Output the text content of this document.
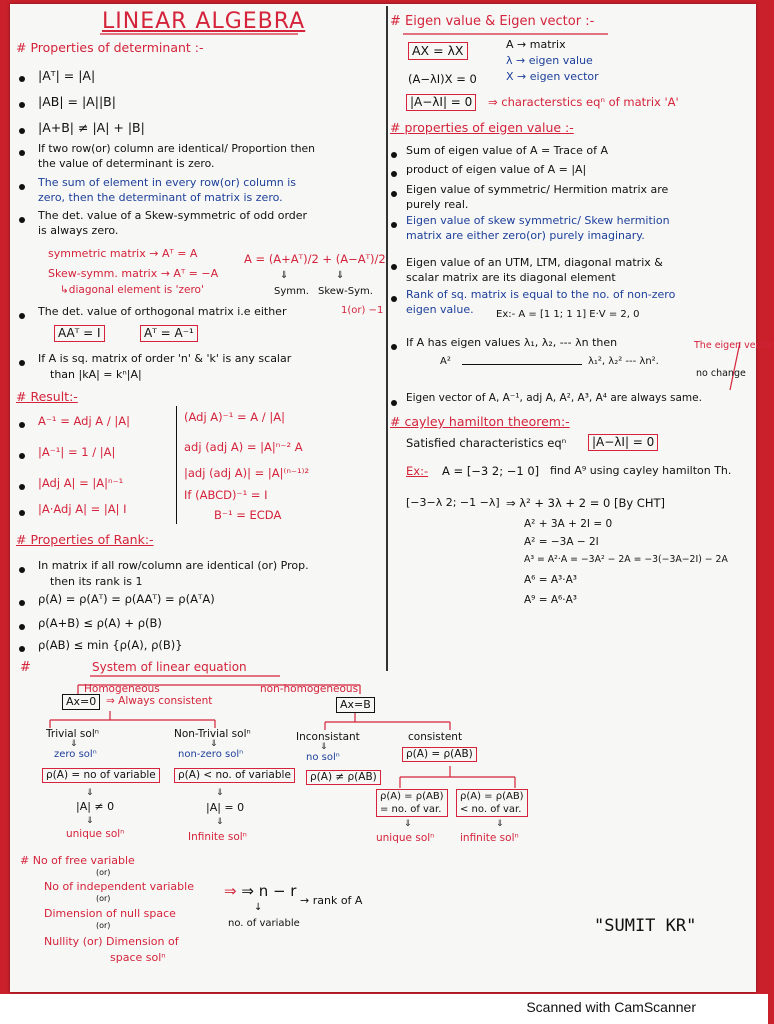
LINEAR ALGEBRA
# Properties of determinant :-
|Aᵀ| = |A|
|AB| = |A||B|
|A+B| ≠ |A| + |B|
If two row(or) column are identical/ Proportion then
the value of determinant is zero.
The sum of element in every row(or) column is
zero, then the determinant of matrix is zero.
The det. value of a Skew-symmetric of odd order
is always zero.
symmetric matrix → Aᵀ = A
Skew-symm. matrix → Aᵀ = −A
↳diagonal element is 'zero'
A = (A+Aᵀ)/2 + (A−Aᵀ)/2
⇓	⇓
Symm. Skew-Sym.
The det. value of orthogonal matrix i.e either	1(or) −1
AAᵀ = I	Aᵀ = A⁻¹
If A is sq. matrix of order 'n' & 'k' is any scalar
than |kA| = kⁿ|A|
# Result:-
A⁻¹ = Adj A / |A|
|A⁻¹| = 1 / |A|
|Adj A| = |A|ⁿ⁻¹
|A·Adj A| = |A| I
(Adj A)⁻¹ = A / |A|
adj (adj A) = |A|ⁿ⁻² A
|adj (adj A)| = |A|⁽ⁿ⁻¹⁾²
If (ABCD)⁻¹ = I
B⁻¹ = ECDA
# Properties of Rank:-
In matrix if all row/column are identical (or) Prop.
then its rank is 1
ρ(A) = ρ(Aᵀ) = ρ(AAᵀ) = ρ(AᵀA)
ρ(A+B) ≤ ρ(A) + ρ(B)
ρ(AB) ≤ min {ρ(A), ρ(B)}
#	System of linear equation
Homogeneous	non-homogeneous
Ax=0 ⇒ Always consistent	Ax=B
Trivial solⁿ	Non-Trivial solⁿ	Inconsistant	consistent
⇓	⇓	⇓
zero solⁿ	non-zero solⁿ	no solⁿ	ρ(A) = ρ(AB)
ρ(A) = no of variable	ρ(A) < no. of variable	ρ(A) ≠ ρ(AB)
⇓	⇓
|A| ≠ 0	|A| = 0
⇓	⇓
unique solⁿ	Infinite solⁿ
ρ(A) = ρ(AB)
= no. of var.
ρ(A) = ρ(AB)
< no. of var.
⇓	⇓
unique solⁿ infinite solⁿ
# No of free variable
(or)
No of independent variable
(or)
Dimension of null space
(or)
Nullity (or) Dimension of
space solⁿ
⇒ ⇒ n − r
→ rank of A
↓
no. of variable	"SUMIT KR"
# Eigen value & Eigen vector :-
AX = λX	A → matrix
λ → eigen value
X → eigen vector
(A−λI)X = 0
|A−λI| = 0	⇒ characterstics eqⁿ of matrix 'A'
# properties of eigen value :-
Sum of eigen value of A = Trace of A
product of eigen value of A = |A|
Eigen value of symmetric/ Hermition matrix are
purely real.
Eigen value of skew symmetric/ Skew hermition
matrix are either zero(or) purely imaginary.
Eigen value of an UTM, LTM, diagonal matrix &
scalar matrix are its diagonal element
Rank of sq. matrix is equal to the no. of non-zero
eigen value. Ex:- A = [1 1; 1 1] E·V = 2, 0
If A has eigen values λ₁, λ₂, --- λn then
A²	λ₁², λ₂² --- λn².
The eigen vector
no change
Eigen vector of A, A⁻¹, adj A, A², A³, A⁴ are always same.
# cayley hamilton theorem:-
Satisfied characteristics eqⁿ	|A−λI| = 0
Ex:- A = [−3 2; −1 0] find A⁹ using cayley hamilton Th.
[−3−λ 2; −1 −λ] ⇒ λ² + 3λ + 2 = 0 [By CHT]
A² + 3A + 2I = 0
A² = −3A − 2I
A³ = A²·A = −3A² − 2A = −3(−3A−2I) − 2A
A⁶ = A³·A³
A⁹ = A⁶·A³
Scanned with CamScanner
